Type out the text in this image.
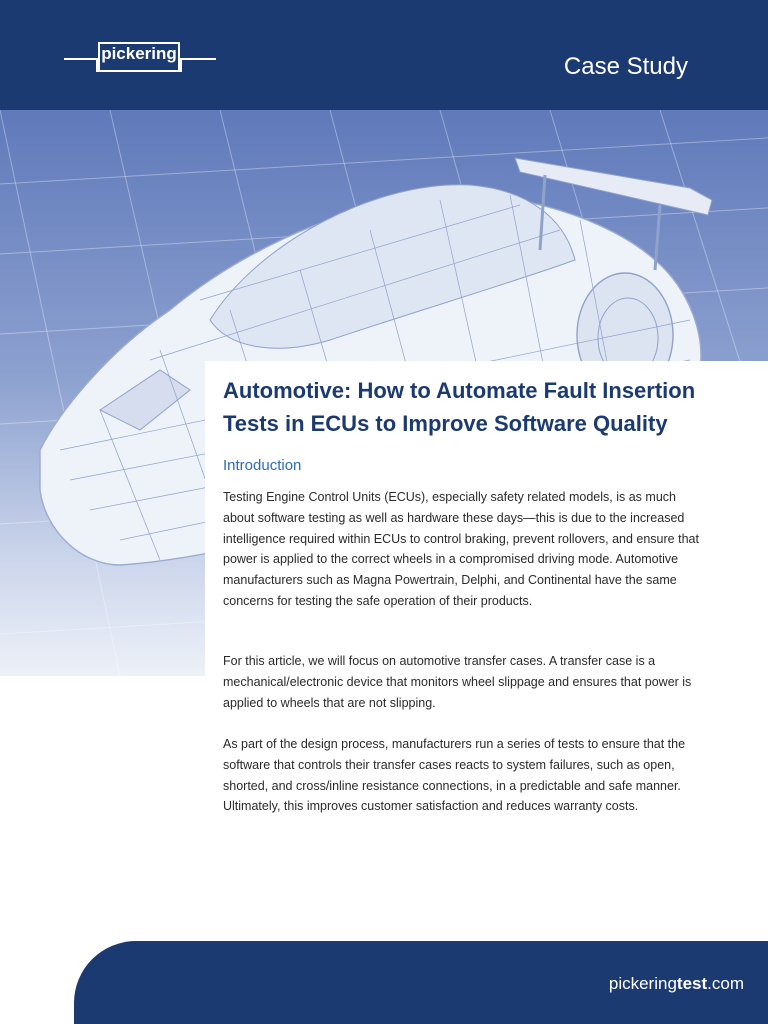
pickering	Case Study
Automotive: How to Automate Fault Insertion
Tests in ECUs to Improve Software Quality
Introduction

Testing Engine Control Units (ECUs), especially safety related models, is as much about software testing as well as hardware these days—this is due to the increased intelligence required within ECUs to control braking, prevent rollovers, and ensure that power is applied to the correct wheels in a compromised driving mode. Automotive manufacturers such as Magna Powertrain, Delphi, and Continental have the same concerns for testing the safe operation of their products.

For this article, we will focus on automotive transfer cases. A transfer case is a mechanical/electronic device that monitors wheel slippage and ensures that power is applied to wheels that are not slipping.

As part of the design process, manufacturers run a series of tests to ensure that the software that controls their transfer cases reacts to system failures, such as open, shorted, and cross/inline resistance connections, in a predictable and safe manner. Ultimately, this improves customer satisfaction and reduces warranty costs.

pickeringtest.com
